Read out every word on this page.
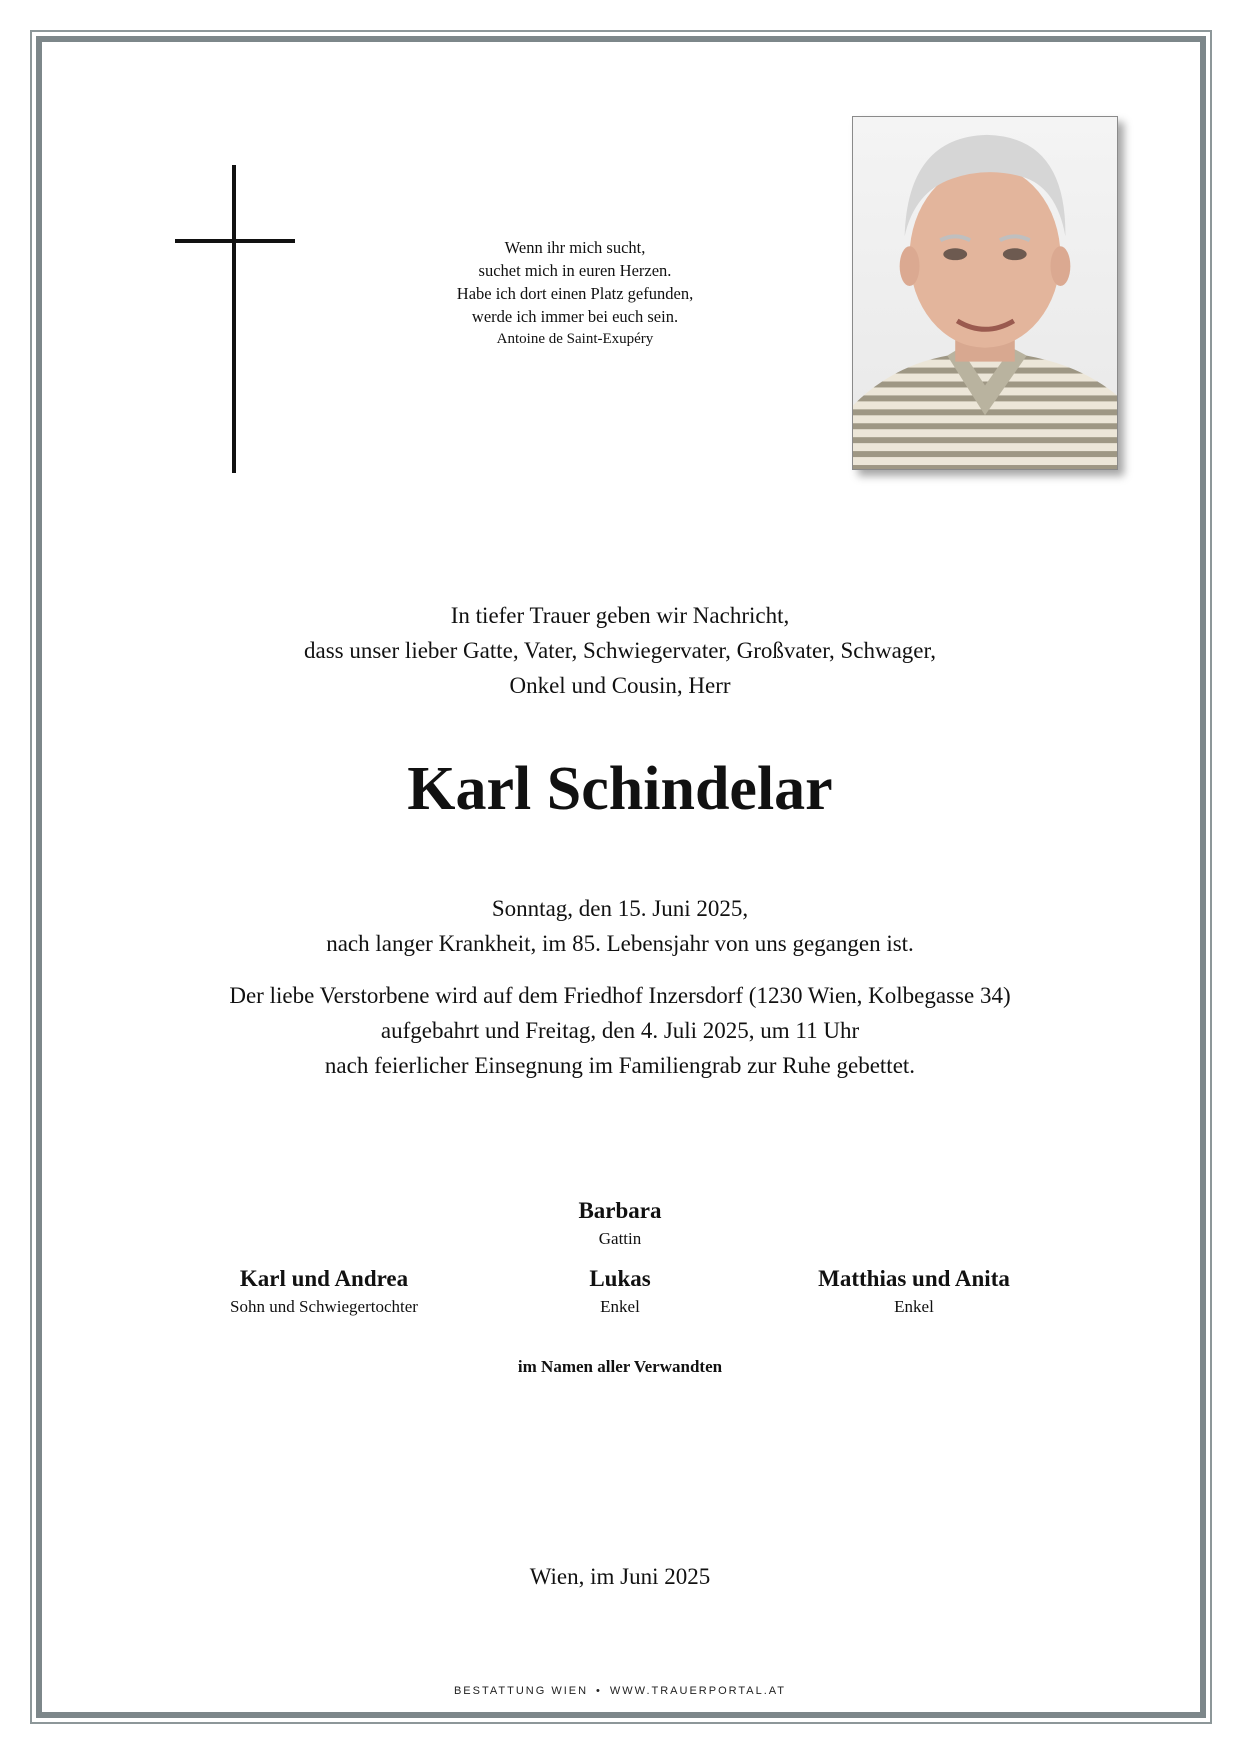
Wenn ihr mich sucht,
suchet mich in euren Herzen.
Habe ich dort einen Platz gefunden,
werde ich immer bei euch sein.
Antoine de Saint-Exupéry
In tiefer Trauer geben wir Nachricht,
dass unser lieber Gatte, Vater, Schwiegervater, Großvater, Schwager,
Onkel und Cousin, Herr
Karl Schindelar
Sonntag, den 15. Juni 2025,
nach langer Krankheit, im 85. Lebensjahr von uns gegangen ist.
Der liebe Verstorbene wird auf dem Friedhof Inzersdorf (1230 Wien, Kolbegasse 34)
aufgebahrt und Freitag, den 4. Juli 2025, um 11 Uhr
nach feierlicher Einsegnung im Familiengrab zur Ruhe gebettet.
Barbara
Gattin
Karl und Andrea
Sohn und Schwiegertochter
Lukas
Enkel
Matthias und Anita
Enkel
im Namen aller Verwandten
Wien, im Juni 2025
BESTATTUNG WIEN • WWW.TRAUERPORTAL.AT
